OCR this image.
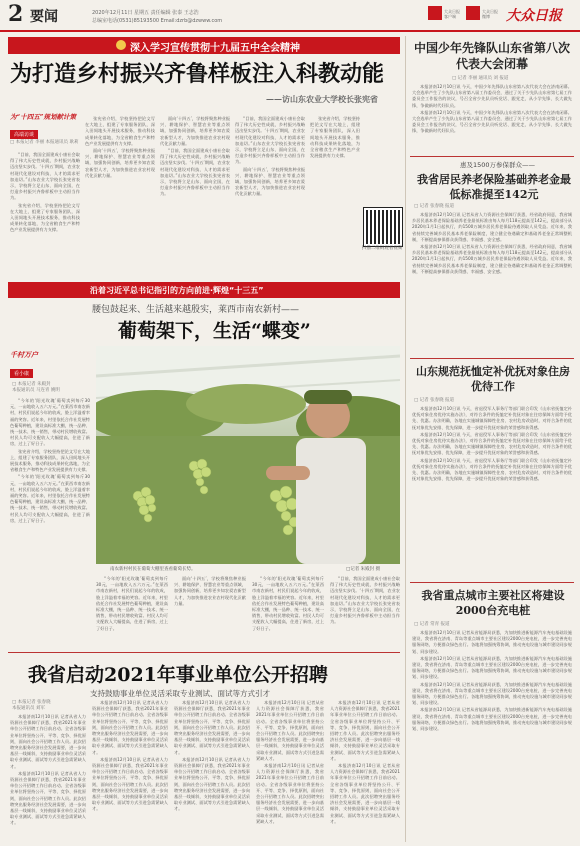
2 要闻	2020年12月11日 星期五 责任编辑 张泰 王志浩
总编室电话(0531)85193500 Email:dzrb@dzwww.com
大众日报客户端
大众日报微博	大众日报
深入学习宣传贯彻十九届五中全会精神
为打造乡村振兴齐鲁样板注入科教动能
——访山东农业大学校长张宪省
为“十四五”规划献计策
高端访谈
□ 本报记者 李丽 本报通讯员 耿莉

“目前，我国全面建成小康社会取得了伟大历史性成就，乡村振兴战略迈出坚实步伐。‘十四五’期间，农业农村现代化建设对科技、人才的需求更加迫切。”山东农业大学校长张宪省表示，学校将立足山东、面向全国，在打造乡村振兴齐鲁样板中主动担当作为。

张宪省介绍，学校坚持把论文写在大地上，组建了专家服务团队，深入田间地头开展技术服务，推动科技成果转化落地，为全省粮食生产和特色产业发展提供有力支撑。

张宪省介绍，学校坚持把论文写在大地上，组建了专家服务团队，深入田间地头开展技术服务，推动科技成果转化落地，为全省粮食生产和特色产业发展提供有力支撑。

面向‘十四五’，学校将聚焦种业振兴、耕地保护、智慧农业等重点领域，加强协同创新，培养更多知农爱农新型人才，为加快推进农业农村现代化贡献力量。

面向‘十四五’，学校将聚焦种业振兴、耕地保护、智慧农业等重点领域，加强协同创新，培养更多知农爱农新型人才，为加快推进农业农村现代化贡献力量。

“目前，我国全面建成小康社会取得了伟大历史性成就，乡村振兴战略迈出坚实步伐。‘十四五’期间，农业农村现代化建设对科技、人才的需求更加迫切。”山东农业大学校长张宪省表示，学校将立足山东、面向全国，在打造乡村振兴齐鲁样板中主动担当作为。

“目前，我国全面建成小康社会取得了伟大历史性成就，乡村振兴战略迈出坚实步伐。‘十四五’期间，农业农村现代化建设对科技、人才的需求更加迫切。”山东农业大学校长张宪省表示，学校将立足山东、面向全国，在打造乡村振兴齐鲁样板中主动担当作为。

面向‘十四五’，学校将聚焦种业振兴、耕地保护、智慧农业等重点领域，加强协同创新，培养更多知农爱农新型人才，为加快推进农业农村现代化贡献力量。

张宪省介绍，学校坚持把论文写在大地上，组建了专家服务团队，深入田间地头开展技术服务，推动科技成果转化落地，为全省粮食生产和特色产业发展提供有力支撑。

扫描二维码观看视频
沿着习近平总书记指引的方向前进·辉煌“十三五”
腰包鼓起来、生活越来越殷实，莱西市南农新村——
葡萄架下，生活“蝶变”
千村万户
看小康
□ 本报记者 朱殿封
本报通讯员 马连青 姚明

“今年的‘阳光玫瑰’葡萄卖到每斤30元，一亩地收入五六万元。”在莱西市南农新村，村民们说起今年的收成，脸上洋溢着幸福的笑容。近年来，村里依托合作社发展特色葡萄种植，建设高标准大棚，统一品种、统一技术、统一销售，带动村民增收致富。村民人均可支配收入大幅提高，住进了新房，过上了好日子。

张宪省介绍，学校坚持把论文写在大地上，组建了专家服务团队，深入田间地头开展技术服务，推动科技成果转化落地，为全省粮食生产和特色产业发展提供有力支撑。

“今年的‘阳光玫瑰’葡萄卖到每斤30元，一亩地收入五六万元。”在莱西市南农新村，村民们说起今年的收成，脸上洋溢着幸福的笑容。近年来，村里依托合作社发展特色葡萄种植，建设高标准大棚，统一品种、统一技术、统一销售，带动村民增收致富。村民人均可支配收入大幅提高，住进了新房，过上了好日子。

南农新村村民在葡萄大棚里查看葡萄长势。	□记者 朱殿封 摄

“今年的‘阳光玫瑰’葡萄卖到每斤30元，一亩地收入五六万元。”在莱西市南农新村，村民们说起今年的收成，脸上洋溢着幸福的笑容。近年来，村里依托合作社发展特色葡萄种植，建设高标准大棚，统一品种、统一技术、统一销售，带动村民增收致富。村民人均可支配收入大幅提高，住进了新房，过上了好日子。

面向‘十四五’，学校将聚焦种业振兴、耕地保护、智慧农业等重点领域，加强协同创新，培养更多知农爱农新型人才，为加快推进农业农村现代化贡献力量。

“今年的‘阳光玫瑰’葡萄卖到每斤30元，一亩地收入五六万元。”在莱西市南农新村，村民们说起今年的收成，脸上洋溢着幸福的笑容。近年来，村里依托合作社发展特色葡萄种植，建设高标准大棚，统一品种、统一技术、统一销售，带动村民增收致富。村民人均可支配收入大幅提高，住进了新房，过上了好日子。

“目前，我国全面建成小康社会取得了伟大历史性成就，乡村振兴战略迈出坚实步伐。‘十四五’期间，农业农村现代化建设对科技、人才的需求更加迫切。”山东农业大学校长张宪省表示，学校将立足山东、面向全国，在打造乡村振兴齐鲁样板中主动担当作为。

我省启动2021年事业单位公开招聘
支持鼓励事业单位灵活采取专业测试、面试等方式引才
□ 本报记者 张春晓
本报通讯员 刘军

本报济南12月10日讯 记者从省人力资源社会保障厅获悉，我省2021年事业单位公开招聘工作日前启动。全省各级事业单位将坚持公开、平等、竞争、择优原则，面向社会公开招聘工作人员。此次招聘突出服务经济社会发展需要，进一步向基层一线倾斜，支持鼓励事业单位灵活采取专业测试、面试等方式引进急需紧缺人才。

本报济南12月10日讯 记者从省人力资源社会保障厅获悉，我省2021年事业单位公开招聘工作日前启动。全省各级事业单位将坚持公开、平等、竞争、择优原则，面向社会公开招聘工作人员。此次招聘突出服务经济社会发展需要，进一步向基层一线倾斜，支持鼓励事业单位灵活采取专业测试、面试等方式引进急需紧缺人才。

本报济南12月10日讯 记者从省人力资源社会保障厅获悉，我省2021年事业单位公开招聘工作日前启动。全省各级事业单位将坚持公开、平等、竞争、择优原则，面向社会公开招聘工作人员。此次招聘突出服务经济社会发展需要，进一步向基层一线倾斜，支持鼓励事业单位灵活采取专业测试、面试等方式引进急需紧缺人才。

本报济南12月10日讯 记者从省人力资源社会保障厅获悉，我省2021年事业单位公开招聘工作日前启动。全省各级事业单位将坚持公开、平等、竞争、择优原则，面向社会公开招聘工作人员。此次招聘突出服务经济社会发展需要，进一步向基层一线倾斜，支持鼓励事业单位灵活采取专业测试、面试等方式引进急需紧缺人才。

本报济南12月10日讯 记者从省人力资源社会保障厅获悉，我省2021年事业单位公开招聘工作日前启动。全省各级事业单位将坚持公开、平等、竞争、择优原则，面向社会公开招聘工作人员。此次招聘突出服务经济社会发展需要，进一步向基层一线倾斜，支持鼓励事业单位灵活采取专业测试、面试等方式引进急需紧缺人才。

本报济南12月10日讯 记者从省人力资源社会保障厅获悉，我省2021年事业单位公开招聘工作日前启动。全省各级事业单位将坚持公开、平等、竞争、择优原则，面向社会公开招聘工作人员。此次招聘突出服务经济社会发展需要，进一步向基层一线倾斜，支持鼓励事业单位灵活采取专业测试、面试等方式引进急需紧缺人才。

本报济南12月10日讯 记者从省人力资源社会保障厅获悉，我省2021年事业单位公开招聘工作日前启动。全省各级事业单位将坚持公开、平等、竞争、择优原则，面向社会公开招聘工作人员。此次招聘突出服务经济社会发展需要，进一步向基层一线倾斜，支持鼓励事业单位灵活采取专业测试、面试等方式引进急需紧缺人才。

本报济南12月10日讯 记者从省人力资源社会保障厅获悉，我省2021年事业单位公开招聘工作日前启动。全省各级事业单位将坚持公开、平等、竞争、择优原则，面向社会公开招聘工作人员。此次招聘突出服务经济社会发展需要，进一步向基层一线倾斜，支持鼓励事业单位灵活采取专业测试、面试等方式引进急需紧缺人才。

本报济南12月10日讯 记者从省人力资源社会保障厅获悉，我省2021年事业单位公开招聘工作日前启动。全省各级事业单位将坚持公开、平等、竞争、择优原则，面向社会公开招聘工作人员。此次招聘突出服务经济社会发展需要，进一步向基层一线倾斜，支持鼓励事业单位灵活采取专业测试、面试等方式引进急需紧缺人才。

本报济南12月10日讯 记者从省人力资源社会保障厅获悉，我省2021年事业单位公开招聘工作日前启动。全省各级事业单位将坚持公开、平等、竞争、择优原则，面向社会公开招聘工作人员。此次招聘突出服务经济社会发展需要，进一步向基层一线倾斜，支持鼓励事业单位灵活采取专业测试、面试等方式引进急需紧缺人才。

中国少年先锋队山东省第八次代表大会闭幕
□ 记者 李丽 通讯员 刘 报道

本报济南12月10日讯 今天，中国少年先锋队山东省第八次代表大会在济南闭幕。大会选举产生了少先队山东省第八届工作委员会，通过了关于少先队山东省第七届工作委员会工作报告的决议，号召全省少先队员听党话、跟党走，从小学先锋、长大做先锋，争做新时代好队员。

本报济南12月10日讯 今天，中国少年先锋队山东省第八次代表大会在济南闭幕。大会选举产生了少先队山东省第八届工作委员会，通过了关于少先队山东省第七届工作委员会工作报告的决议，号召全省少先队员听党话、跟党走，从小学先锋、长大做先锋，争做新时代好队员。

惠及1500万参保群众——
我省居民养老保险基础养老金最低标准提至142元
□ 记者 张春晓 报道

本报济南12月10日讯 记者从省人力资源社会保障厅获悉，经省政府同意，我省城乡居民基本养老保险基础养老金最低标准由每人每月118元提高至142元，提高部分从2020年1月1日起执行，约1500万城乡居民养老保险待遇领取人员受益。近年来，我省持续完善城乡居民基本养老保险制度，建立健全待遇确定和基础养老金正常调整机制，不断提高参保群众获得感、幸福感、安全感。

本报济南12月10日讯 记者从省人力资源社会保障厅获悉，经省政府同意，我省城乡居民基本养老保险基础养老金最低标准由每人每月118元提高至142元，提高部分从2020年1月1日起执行，约1500万城乡居民养老保险待遇领取人员受益。近年来，我省持续完善城乡居民基本养老保险制度，建立健全待遇确定和基础养老金正常调整机制，不断提高参保群众获得感、幸福感、安全感。

山东规范抚恤定补优抚对象住房优待工作
□ 记者 张春晓 报道

本报济南12月10日讯 今天，省退役军人事务厅等部门联合印发《山东省抚恤定补优抚对象住房优待实施办法》，对符合条件的抚恤定补优抚对象在住房保障方面给予优先、优惠。办法明确，各地在实施城镇保障性住房、农村危房改造时，对符合条件的优抚对象优先安排、优先保障，进一步提升优抚对象的荣誉感和获得感。

本报济南12月10日讯 今天，省退役军人事务厅等部门联合印发《山东省抚恤定补优抚对象住房优待实施办法》，对符合条件的抚恤定补优抚对象在住房保障方面给予优先、优惠。办法明确，各地在实施城镇保障性住房、农村危房改造时，对符合条件的优抚对象优先安排、优先保障，进一步提升优抚对象的荣誉感和获得感。

本报济南12月10日讯 今天，省退役军人事务厅等部门联合印发《山东省抚恤定补优抚对象住房优待实施办法》，对符合条件的抚恤定补优抚对象在住房保障方面给予优先、优惠。办法明确，各地在实施城镇保障性住房、农村危房改造时，对符合条件的优抚对象优先安排、优先保障，进一步提升优抚对象的荣誉感和获得感。

我省重点城市主要社区将建设2000台充电桩
□ 记者 常青 报道

本报济南12月10日讯 记者从省能源局获悉，为加快推进新能源汽车充电基础设施建设，我省将在济南、青岛等重点城市主要社区建设2000台充电桩，进一步完善充电服务网络，方便群众绿色出行。各地将加强统筹协调，推动充电设施与城市建设同步规划、同步建设。

本报济南12月10日讯 记者从省能源局获悉，为加快推进新能源汽车充电基础设施建设，我省将在济南、青岛等重点城市主要社区建设2000台充电桩，进一步完善充电服务网络，方便群众绿色出行。各地将加强统筹协调，推动充电设施与城市建设同步规划、同步建设。

本报济南12月10日讯 记者从省能源局获悉，为加快推进新能源汽车充电基础设施建设，我省将在济南、青岛等重点城市主要社区建设2000台充电桩，进一步完善充电服务网络，方便群众绿色出行。各地将加强统筹协调，推动充电设施与城市建设同步规划、同步建设。

本报济南12月10日讯 记者从省能源局获悉，为加快推进新能源汽车充电基础设施建设，我省将在济南、青岛等重点城市主要社区建设2000台充电桩，进一步完善充电服务网络，方便群众绿色出行。各地将加强统筹协调，推动充电设施与城市建设同步规划、同步建设。
